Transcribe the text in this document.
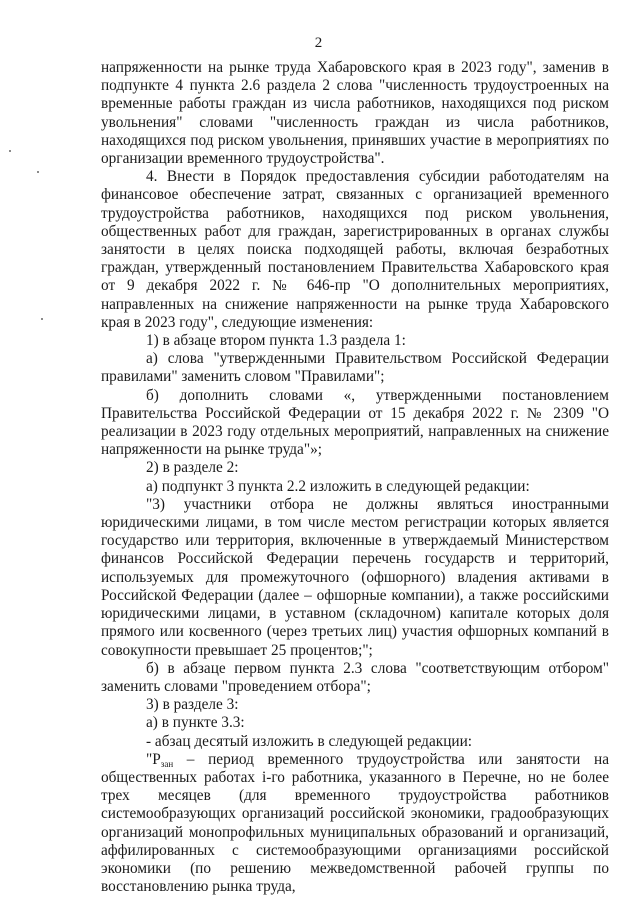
2

напряженности на рынке труда Хабаровского края в 2023 году", заменив в подпункте 4 пункта 2.6 раздела 2 слова "численность трудоустроенных на временные работы граждан из числа работников, находящихся под риском увольнения" словами "численность граждан из числа работников, находящихся под риском увольнения, принявших участие в мероприятиях по организации временного трудоустройства".

4. Внести в Порядок предоставления субсидии работодателям на финансовое обеспечение затрат, связанных с организацией временного трудоустройства работников, находящихся под риском увольнения, общественных работ для граждан, зарегистрированных в органах службы занятости в целях поиска подходящей работы, включая безработных граждан, утвержденный постановлением Правительства Хабаровского края от 9 декабря 2022 г. № 646-пр "О дополнительных мероприятиях, направленных на снижение напряженности на рынке труда Хабаровского края в 2023 году", следующие изменения:

1) в абзаце втором пункта 1.3 раздела 1:

а) слова "утвержденными Правительством Российской Федерации правилами" заменить словом "Правилами";

б) дополнить словами «, утвержденными постановлением Правительства Российской Федерации от 15 декабря 2022 г. № 2309 "О реализации в 2023 году отдельных мероприятий, направленных на снижение напряженности на рынке труда"»;

2) в разделе 2:

а) подпункт 3 пункта 2.2 изложить в следующей редакции:

"3) участники отбора не должны являться иностранными юридическими лицами, в том числе местом регистрации которых является государство или территория, включенные в утверждаемый Министерством финансов Российской Федерации перечень государств и территорий, используемых для промежуточного (офшорного) владения активами в Российской Федерации (далее – офшорные компании), а также российскими юридическими лицами, в уставном (складочном) капитале которых доля прямого или косвенного (через третьих лиц) участия офшорных компаний в совокупности превышает 25 процентов;";

б) в абзаце первом пункта 2.3 слова "соответствующим отбором" заменить словами "проведением отбора";

3) в разделе 3:

а) в пункте 3.3:

- абзац десятый изложить в следующей редакции:

"Pзан – период временного трудоустройства или занятости на общественных работах i-го работника, указанного в Перечне, но не более трех месяцев (для временного трудоустройства работников системообразующих организаций российской экономики, градообразующих организаций монопрофильных муниципальных образований и организаций, аффилированных с системообразующими организациями российской экономики (по решению межведомственной рабочей группы по восстановлению рынка труда,
